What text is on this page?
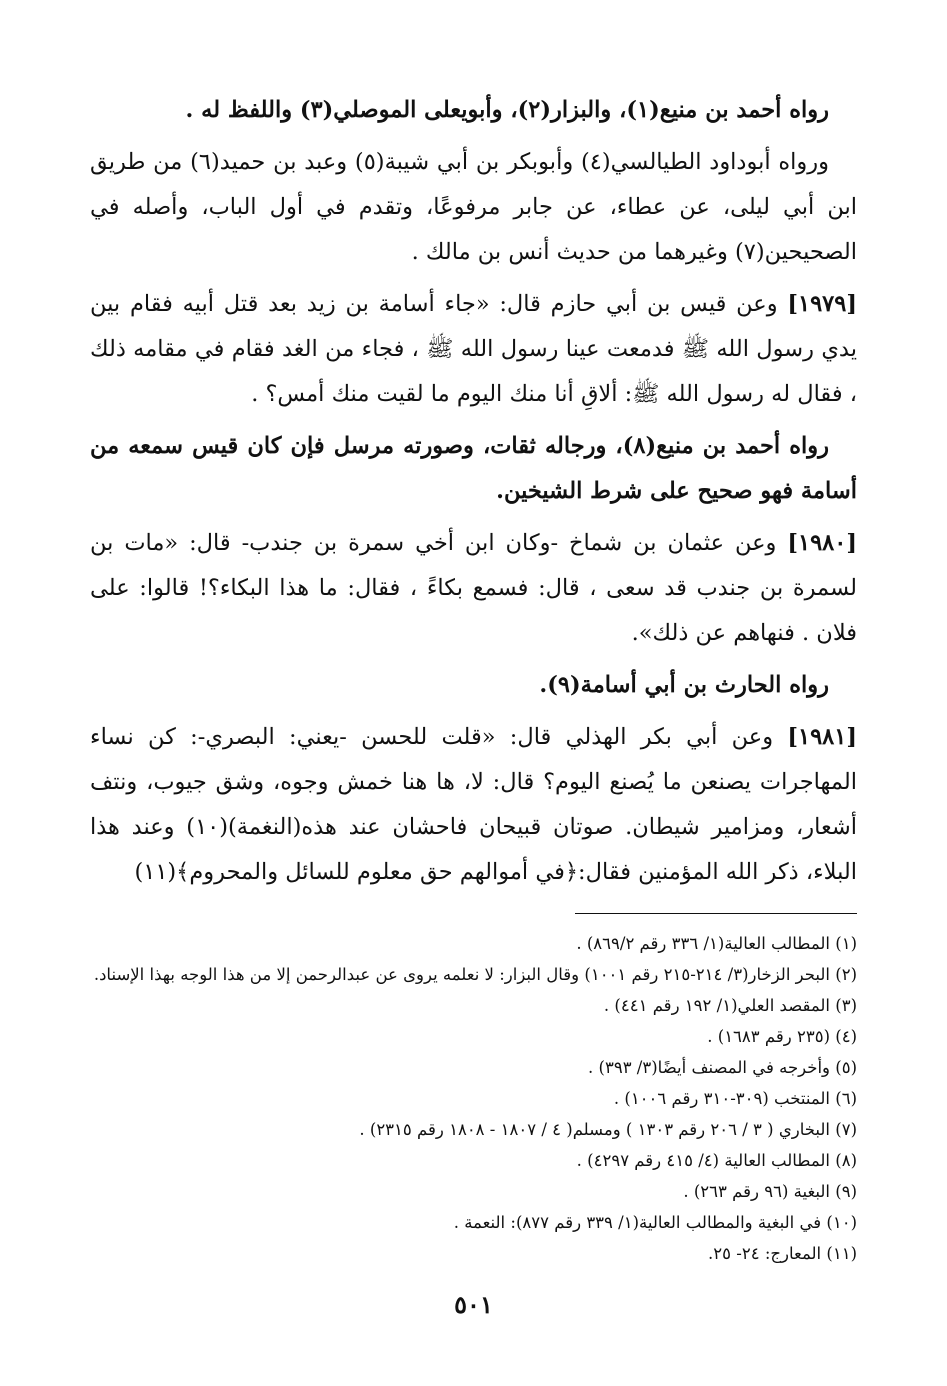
رواه أحمد بن منيع(١)، والبزار(٢)، وأبويعلى الموصلي(٣) واللفظ له .
ورواه أبوداود الطيالسي(٤) وأبوبكر بن أبي شيبة(٥) وعبد بن حميد(٦) من طريق ابن أبي ليلى، عن عطاء، عن جابر مرفوعًا، وتقدم في أول الباب، وأصله في الصحيحين(٧) وغيرهما من حديث أنس بن مالك .
[١٩٧٩] وعن قيس بن أبي حازم قال: «جاء أسامة بن زيد بعد قتل أبيه فقام بين يدي رسول الله ﷺ فدمعت عينا رسول الله ﷺ ، فجاء من الغد فقام في مقامه ذلك ، فقال له رسول الله ﷺ: ألاقِ أنا منك اليوم ما لقيت منك أمس؟ .
رواه أحمد بن منيع(٨)، ورجاله ثقات، وصورته مرسل فإن كان قيس سمعه من أسامة فهو صحيح على شرط الشيخين.
[١٩٨٠] وعن عثمان بن شماخ -وكان ابن أخي سمرة بن جندب- قال: «مات بن لسمرة بن جندب قد سعى ، قال: فسمع بكاءً ، فقال: ما هذا البكاء؟! قالوا: على فلان . فنهاهم عن ذلك».
رواه الحارث بن أبي أسامة(٩).
[١٩٨١] وعن أبي بكر الهذلي قال: «قلت للحسن -يعني: البصري-: كن نساء المهاجرات يصنعن ما يُصنع اليوم؟ قال: لا، ها هنا خمش وجوه، وشق جيوب، ونتف أشعار، ومزامير شيطان. صوتان قبيحان فاحشان عند هذه(النغمة)(١٠) وعند هذا البلاء، ذكر الله المؤمنين فقال:﴿في أموالهم حق معلوم للسائل والمحروم﴾(١١)
(١) المطالب العالية(١/ ٣٣٦ رقم ٨٦٩/٢) .
(٢) البحر الزخار(٣/ ٢١٤-٢١٥ رقم ١٠٠١) وقال البزار: لا نعلمه يروى عن عبدالرحمن إلا من هذا الوجه بهذا الإسناد.
(٣) المقصد العلي(١/ ١٩٢ رقم ٤٤١) .
(٤) (٢٣٥ رقم ١٦٨٣) .
(٥) وأخرجه في المصنف أيضًا(٣/ ٣٩٣) .
(٦) المنتخب (٣٠٩-٣١٠ رقم ١٠٠٦) .
(٧) البخاري ( ٣ / ٢٠٦ رقم ١٣٠٣ ) ومسلم( ٤ / ١٨٠٧ - ١٨٠٨ رقم ٢٣١٥) .
(٨) المطالب العالية (٤/ ٤١٥ رقم ٤٢٩٧) .
(٩) البغية (٩٦ رقم ٢٦٣) .
(١٠) في البغية والمطالب العالية(١/ ٣٣٩ رقم ٨٧٧): النعمة .
(١١) المعارج: ٢٤- ٢٥.
٥٠١
